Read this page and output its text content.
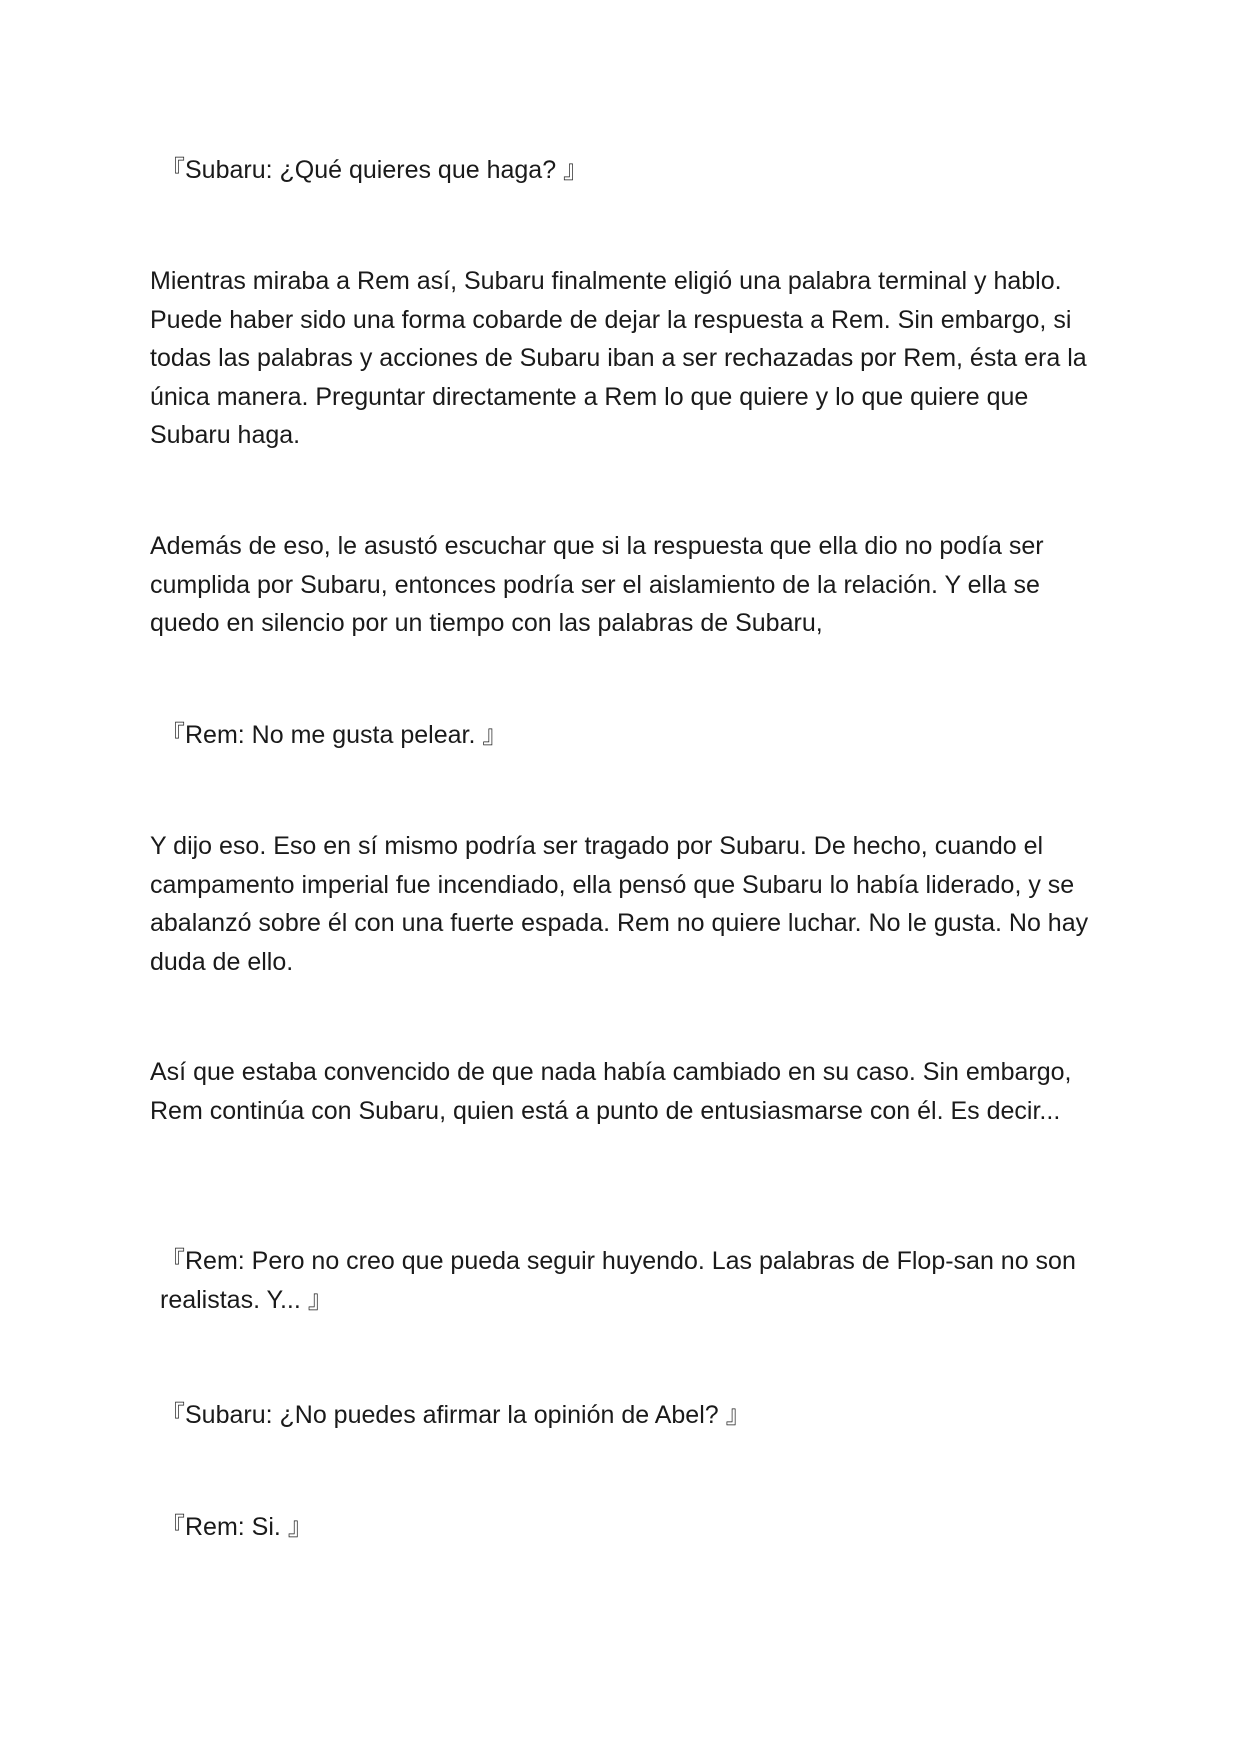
『Subaru: ¿Qué quieres que haga? 』

Mientras miraba a Rem así, Subaru finalmente eligió una palabra terminal y hablo. Puede haber sido una forma cobarde de dejar la respuesta a Rem. Sin embargo, si todas las palabras y acciones de Subaru iban a ser rechazadas por Rem, ésta era la única manera. Preguntar directamente a Rem lo que quiere y lo que quiere que Subaru haga.

Además de eso, le asustó escuchar que si la respuesta que ella dio no podía ser cumplida por Subaru, entonces podría ser el aislamiento de la relación. Y ella se quedo en silencio por un tiempo con las palabras de Subaru,

『Rem: No me gusta pelear. 』

Y dijo eso. Eso en sí mismo podría ser tragado por Subaru. De hecho, cuando el campamento imperial fue incendiado, ella pensó que Subaru lo había liderado, y se abalanzó sobre él con una fuerte espada. Rem no quiere luchar. No le gusta. No hay duda de ello.

Así que estaba convencido de que nada había cambiado en su caso. Sin embargo, Rem continúa con Subaru, quien está a punto de entusiasmarse con él. Es decir...

『Rem: Pero no creo que pueda seguir huyendo. Las palabras de Flop-san no son realistas. Y... 』

『Subaru: ¿No puedes afirmar la opinión de Abel? 』

『Rem: Si. 』
